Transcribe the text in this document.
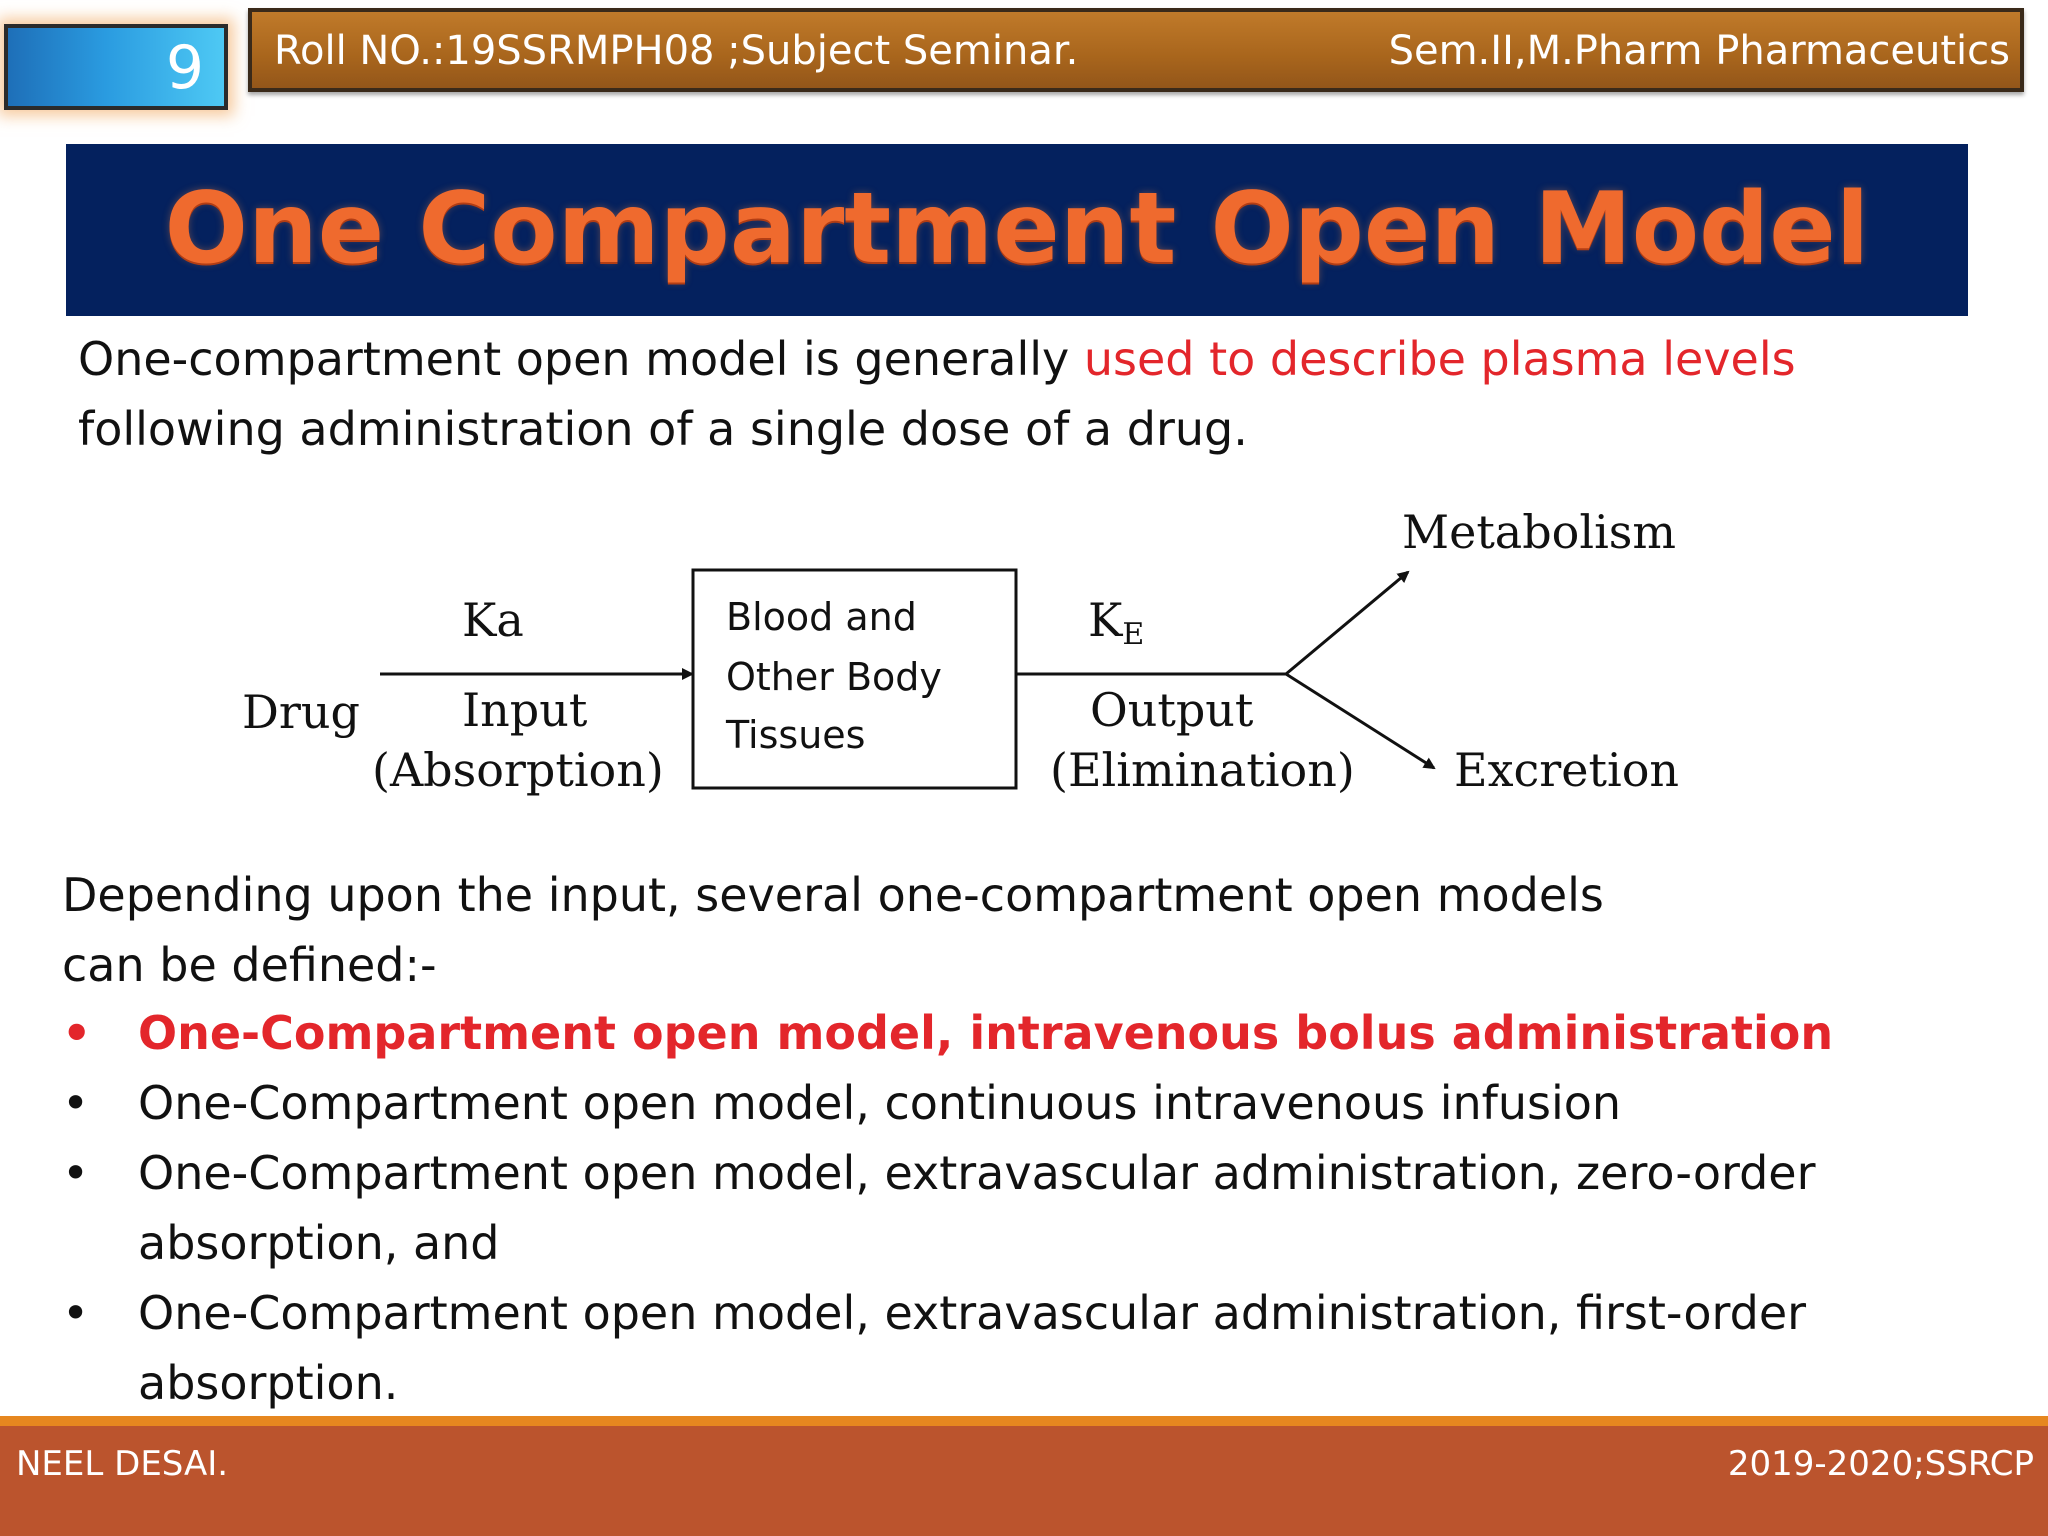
9 Roll NO.:19SSRMPH08 ;Subject Seminar.	Sem.II,M.Pharm Pharmaceutics
One Compartment Open Model
One-compartment open model is generally used to describe plasma levels
following administration of a single dose of a drug.
Drug
Ka
Input
(Absorption)
Blood and
Other Body
Tissues
KE
Output
(Elimination)
Metabolism
Excretion
Depending upon the input, several one-compartment open models
can be defined:-
• One-Compartment open model, intravenous bolus administration
• One-Compartment open model, continuous intravenous infusion
• One-Compartment open model, extravascular administration, zero-order
absorption, and
• One-Compartment open model, extravascular administration, first-order
absorption.
NEEL DESAI.	2019-2020;SSRCP
